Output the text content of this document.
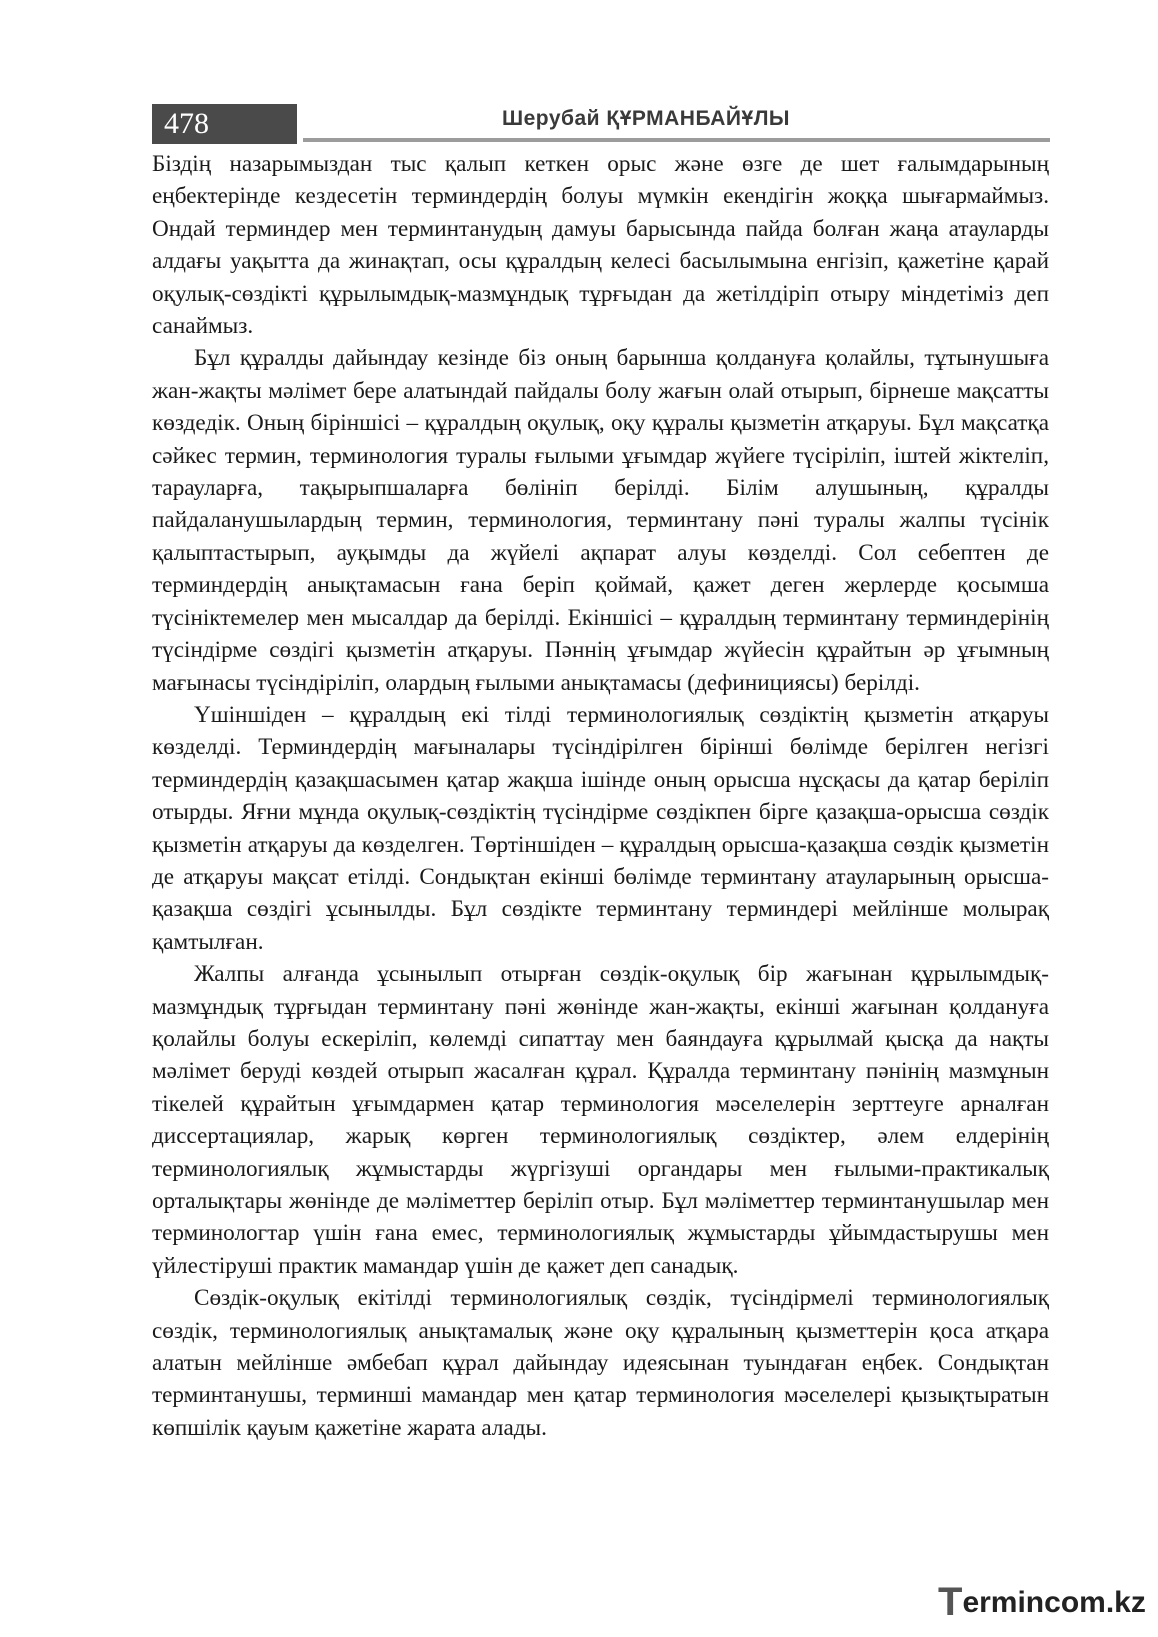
478	Шерубай ҚҰРМАНБАЙҰЛЫ

Біздің назарымыздан тыс қалып кеткен орыс және өзге де шет ғалымдарының еңбектерінде кездесетін терминдердің болуы мүмкін екендігін жоққа шығармаймыз. Ондай терминдер мен терминтанудың дамуы барысында пайда болған жаңа атауларды алдағы уақытта да жинақтап, осы құралдың келесі басылымына енгізіп, қажетіне қарай оқулық-сөздікті құрылымдық-мазмұндық тұрғыдан да жетілдіріп отыру міндетіміз деп санаймыз.

Бұл құралды дайындау кезінде біз оның барынша қолдануға қолайлы, тұтынушыға жан-жақты мәлімет бере алатындай пайдалы болу жағын олай отырып, бірнеше мақсатты көздедік. Оның біріншісі – құралдың оқулық, оқу құралы қызметін атқаруы. Бұл мақсатқа сәйкес термин, терминология туралы ғылыми ұғымдар жүйеге түсіріліп, іштей жіктеліп, тарауларға, тақырыпшаларға бөлініп берілді. Білім алушының, құралды пайдаланушылардың термин, терминология, терминтану пәні туралы жалпы түсінік қалыптастырып, ауқымды да жүйелі ақпарат алуы көзделді. Сол себептен де терминдердің анықтамасын ғана беріп қоймай, қажет деген жерлерде қосымша түсініктемелер мен мысалдар да берілді. Екіншісі – құралдың терминтану терминдерінің түсіндірме сөздігі қызметін атқаруы. Пәннің ұғымдар жүйесін құрайтын әр ұғымның мағынасы түсіндіріліп, олардың ғылыми анықтамасы (дефинициясы) берілді.

Үшіншіден – құралдың екі тілді терминологиялық сөздіктің қызметін атқаруы көзделді. Терминдердің мағыналары түсіндірілген бірінші бөлімде берілген негізгі терминдердің қазақшасымен қатар жақша ішінде оның орысша нұсқасы да қатар беріліп отырды. Яғни мұнда оқулық-сөздіктің түсіндірме сөздікпен бірге қазақша-орысша сөздік қызметін атқаруы да көзделген. Төртіншіден – құралдың орысша-қазақша сөздік қызметін де атқаруы мақсат етілді. Сондықтан екінші бөлімде терминтану атауларының орысша-қазақша сөздігі ұсынылды. Бұл сөздікте терминтану терминдері мейлінше молырақ қамтылған.

Жалпы алғанда ұсынылып отырған сөздік-оқулық бір жағынан құрылымдық-мазмұндық тұрғыдан терминтану пәні жөнінде жан-жақты, екінші жағынан қолдануға қолайлы болуы ескеріліп, көлемді сипаттау мен баяндауға құрылмай қысқа да нақты мәлімет беруді көздей отырып жасалған құрал. Құралда терминтану пәнінің мазмұнын тікелей құрайтын ұғымдармен қатар терминология мәселелерін зерттеуге арналған диссертациялар, жарық көрген терминологиялық сөздіктер, әлем елдерінің терминологиялық жұмыстарды жүргізуші органдары мен ғылыми-практикалық орталықтары жөнінде де мәліметтер беріліп отыр. Бұл мәліметтер терминтанушылар мен терминологтар үшін ғана емес, терминологиялық жұмыстарды ұйымдастырушы мен үйлестіруші практик мамандар үшін де қажет деп санадық.

Сөздік-оқулық екітілді терминологиялық сөздік, түсіндірмелі терминологиялық сөздік, терминологиялық анықтамалық және оқу құралының қызметтерін қоса атқара алатын мейлінше әмбебап құрал дайындау идеясынан туындаған еңбек. Сондықтан терминтанушы, терминші мамандар мен қатар терминология мәселелері қызықтыратын көпшілік қауым қажетіне жарата алады.

Termincom.kz
